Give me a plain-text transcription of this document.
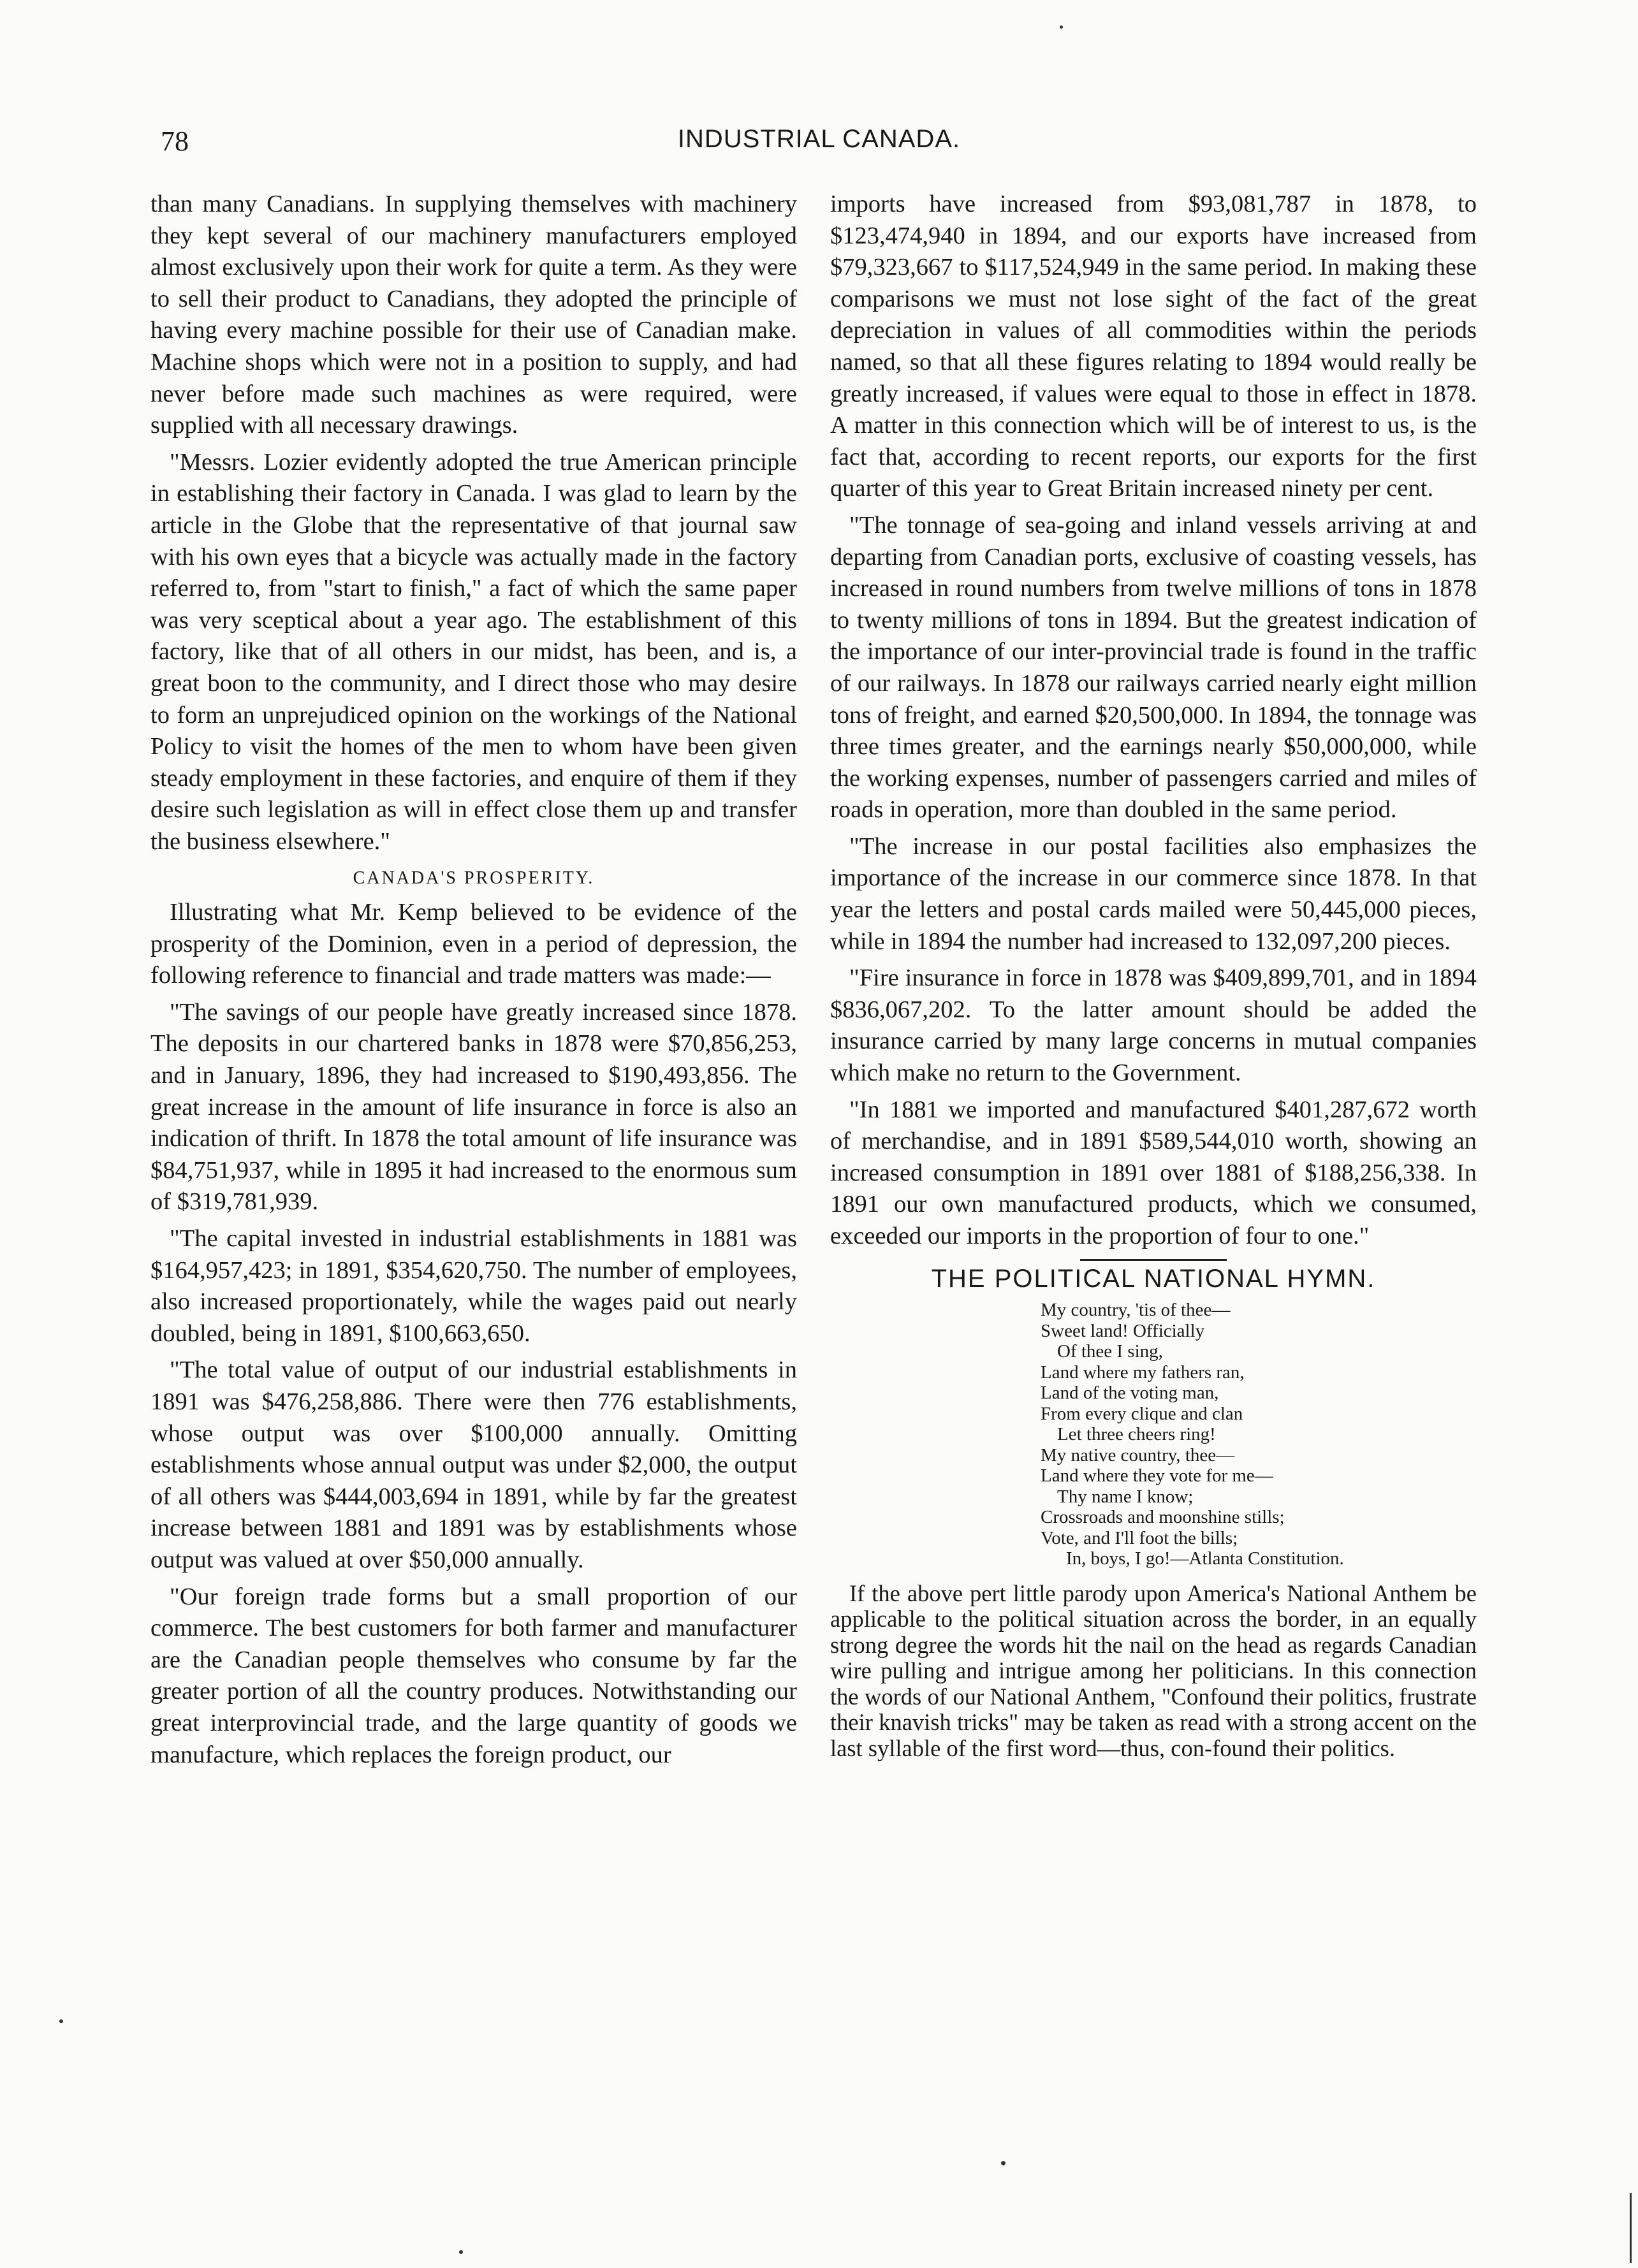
78	INDUSTRIAL CANADA.

than many Canadians. In supplying themselves with machinery they kept several of our machinery manufacturers employed almost exclusively upon their work for quite a term. As they were to sell their product to Canadians, they adopted the principle of having every machine possible for their use of Canadian make. Machine shops which were not in a position to supply, and had never before made such machines as were required, were supplied with all necessary drawings.

"Messrs. Lozier evidently adopted the true American principle in establishing their factory in Canada. I was glad to learn by the article in the Globe that the representative of that journal saw with his own eyes that a bicycle was actually made in the factory referred to, from "start to finish," a fact of which the same paper was very sceptical about a year ago. The establishment of this factory, like that of all others in our midst, has been, and is, a great boon to the community, and I direct those who may desire to form an unprejudiced opinion on the workings of the National Policy to visit the homes of the men to whom have been given steady employment in these factories, and enquire of them if they desire such legislation as will in effect close them up and transfer the business elsewhere."

CANADA'S PROSPERITY.

Illustrating what Mr. Kemp believed to be evidence of the prosperity of the Dominion, even in a period of depression, the following reference to financial and trade matters was made:—

"The savings of our people have greatly increased since 1878. The deposits in our chartered banks in 1878 were $70,856,253, and in January, 1896, they had increased to $190,493,856. The great increase in the amount of life insurance in force is also an indication of thrift. In 1878 the total amount of life insurance was $84,751,937, while in 1895 it had increased to the enormous sum of $319,781,939.

"The capital invested in industrial establishments in 1881 was $164,957,423; in 1891, $354,620,750. The number of employees, also increased proportionately, while the wages paid out nearly doubled, being in 1891, $100,663,650.

"The total value of output of our industrial establishments in 1891 was $476,258,886. There were then 776 establishments, whose output was over $100,000 annually. Omitting establishments whose annual output was under $2,000, the output of all others was $444,003,694 in 1891, while by far the greatest increase between 1881 and 1891 was by establishments whose output was valued at over $50,000 annually.

"Our foreign trade forms but a small proportion of our commerce. The best customers for both farmer and manufacturer are the Canadian people themselves who consume by far the greater portion of all the country produces. Notwithstanding our great interprovincial trade, and the large quantity of goods we manufacture, which replaces the foreign product, our

imports have increased from $93,081,787 in 1878, to $123,474,940 in 1894, and our exports have increased from $79,323,667 to $117,524,949 in the same period. In making these comparisons we must not lose sight of the fact of the great depreciation in values of all commodities within the periods named, so that all these figures relating to 1894 would really be greatly increased, if values were equal to those in effect in 1878. A matter in this connection which will be of interest to us, is the fact that, according to recent reports, our exports for the first quarter of this year to Great Britain increased ninety per cent.

"The tonnage of sea-going and inland vessels arriving at and departing from Canadian ports, exclusive of coasting vessels, has increased in round numbers from twelve millions of tons in 1878 to twenty millions of tons in 1894. But the greatest indication of the importance of our inter-provincial trade is found in the traffic of our railways. In 1878 our railways carried nearly eight million tons of freight, and earned $20,500,000. In 1894, the tonnage was three times greater, and the earnings nearly $50,000,000, while the working expenses, number of passengers carried and miles of roads in operation, more than doubled in the same period.

"The increase in our postal facilities also emphasizes the importance of the increase in our commerce since 1878. In that year the letters and postal cards mailed were 50,445,000 pieces, while in 1894 the number had increased to 132,097,200 pieces.

"Fire insurance in force in 1878 was $409,899,701, and in 1894 $836,067,202. To the latter amount should be added the insurance carried by many large concerns in mutual companies which make no return to the Government.

"In 1881 we imported and manufactured $401,287,672 worth of merchandise, and in 1891 $589,544,010 worth, showing an increased consumption in 1891 over 1881 of $188,256,338. In 1891 our own manufactured products, which we consumed, exceeded our imports in the proportion of four to one."

THE POLITICAL NATIONAL HYMN.
My country, 'tis of thee—
Sweet land! Officially
Of thee I sing,
Land where my fathers ran,
Land of the voting man,
From every clique and clan
Let three cheers ring!
My native country, thee—
Land where they vote for me—
Thy name I know;
Crossroads and moonshine stills;
Vote, and I'll foot the bills;
In, boys, I go!—Atlanta Constitution.

If the above pert little parody upon America's National Anthem be applicable to the political situation across the border, in an equally strong degree the words hit the nail on the head as regards Canadian wire pulling and intrigue among her politicians. In this connection the words of our National Anthem, "Confound their politics, frustrate their knavish tricks" may be taken as read with a strong accent on the last syllable of the first word—thus, con-found their politics.
